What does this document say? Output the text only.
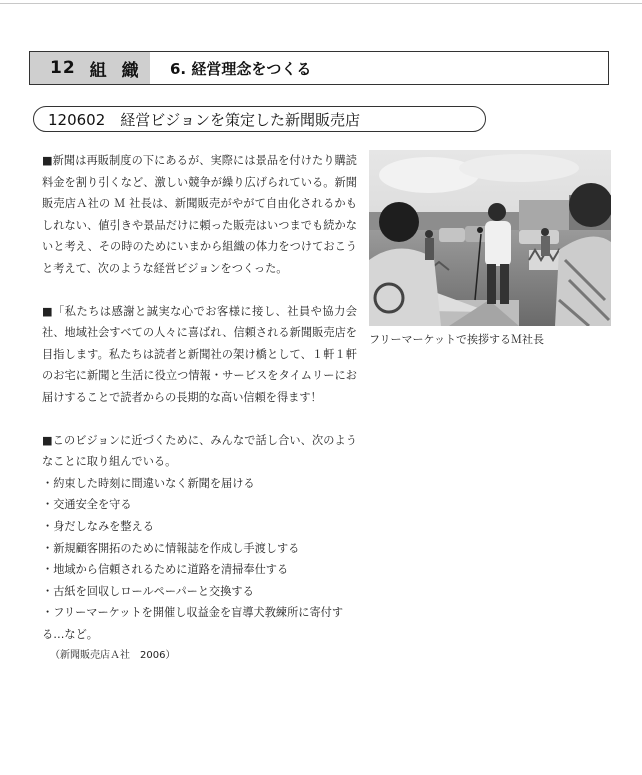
12 組 織	6. 経営理念をつくる
120602　経営ビジョンを策定した新聞販売店

■新聞は再販制度の下にあるが、実際には景品を付けたり購読料金を割り引くなど、激しい競争が繰り広げられている。新聞販売店Ａ社の Ｍ 社長は、新聞販売がやがて自由化されるかもしれない、値引きや景品だけに頼った販売はいつまでも続かないと考え、その時のためにいまから組織の体力をつけておこうと考えて、次のような経営ビジョンをつくった。

■「私たちは感謝と誠実な心でお客様に接し、社員や協力会社、地域社会すべての人々に喜ばれ、信頼される新聞販売店を目指します。私たちは読者と新聞社の架け橋として、１軒１軒のお宅に新聞と生活に役立つ情報・サービスをタイムリーにお届けすることで読者からの長期的な高い信頼を得ます！

■このビジョンに近づくために、みんなで話し合い、次のようなことに取り組んでいる。

・約束した時刻に間違いなく新聞を届ける
・交通安全を守る
・身だしなみを整える
・新規顧客開拓のために情報誌を作成し手渡しする
・地域から信頼されるために道路を清掃奉仕する
・古紙を回収しロールペーパーと交換する
・フリーマーケットを開催し収益金を盲導犬教練所に寄付する…など。
（新聞販売店Ａ社　2006）
フリーマーケットで挨拶するＭ社長
